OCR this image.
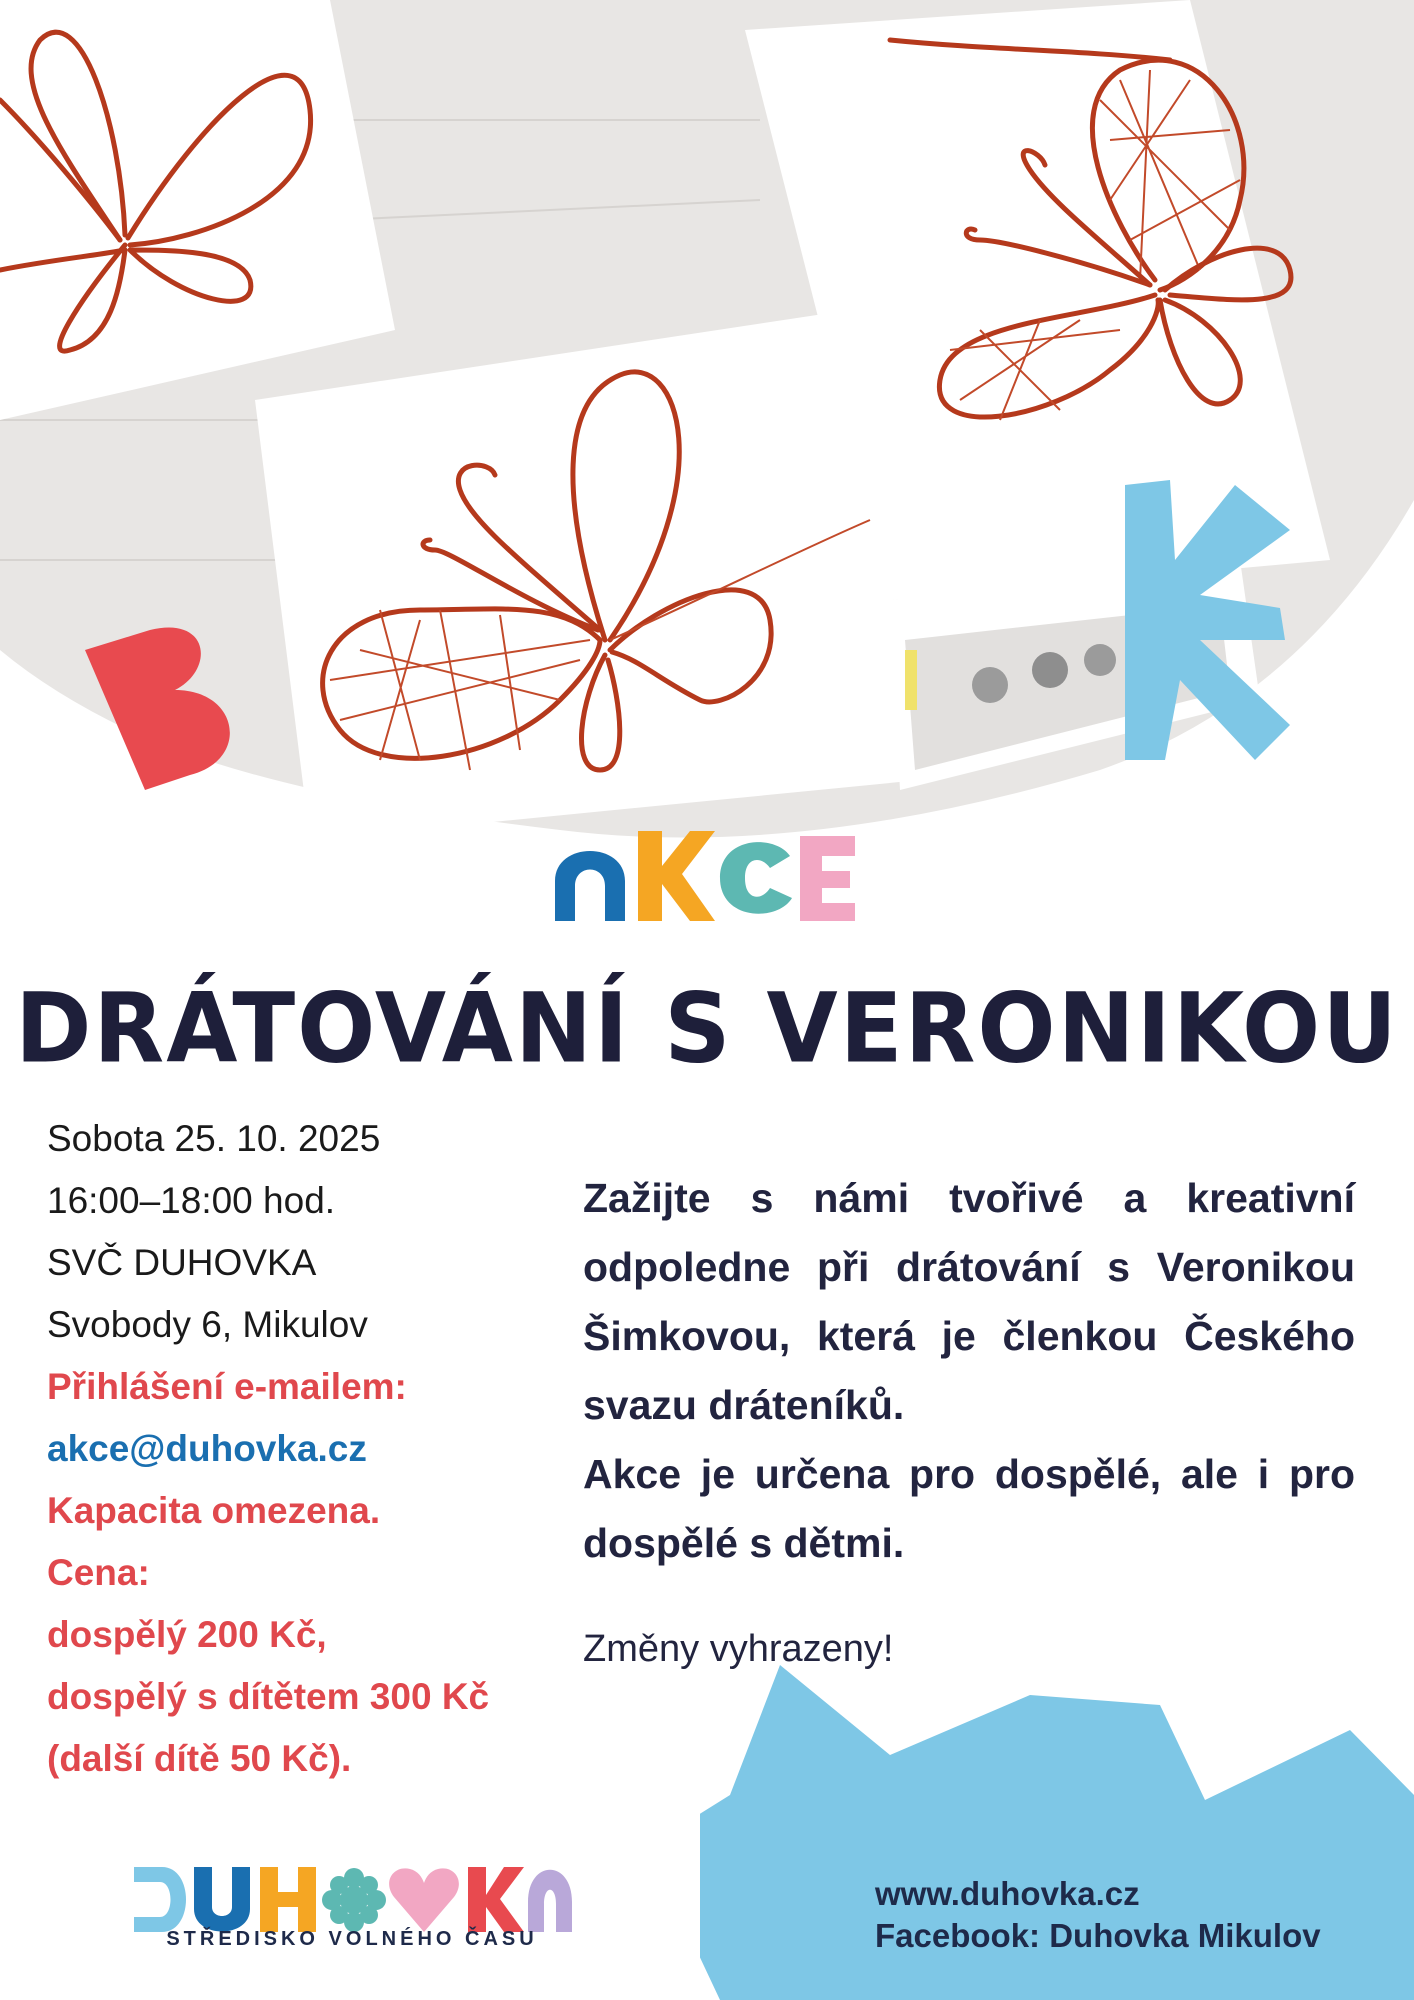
AKCE
DRÁTOVÁNÍ S VERONIKOU
Sobota 25. 10. 2025
16:00–18:00 hod.
SVČ DUHOVKA
Svobody 6, Mikulov
Přihlášení e-mailem:
akce@duhovka.cz
Kapacita omezena.
Cena:
dospělý 200 Kč,
dospělý s dítětem 300 Kč
(další dítě 50 Kč).

Zažijte s námi tvořivé a kreativní odpoledne při drátování s Veronikou Šimkovou, která je členkou Českého svazu dráteníků.

Akce je určena pro dospělé, ale i pro dospělé s dětmi.

Změny vyhrazeny!
www.duhovka.cz
Facebook: Duhovka Mikulov
DUHOVKA
STŘEDISKO VOLNÉHO ČASU
